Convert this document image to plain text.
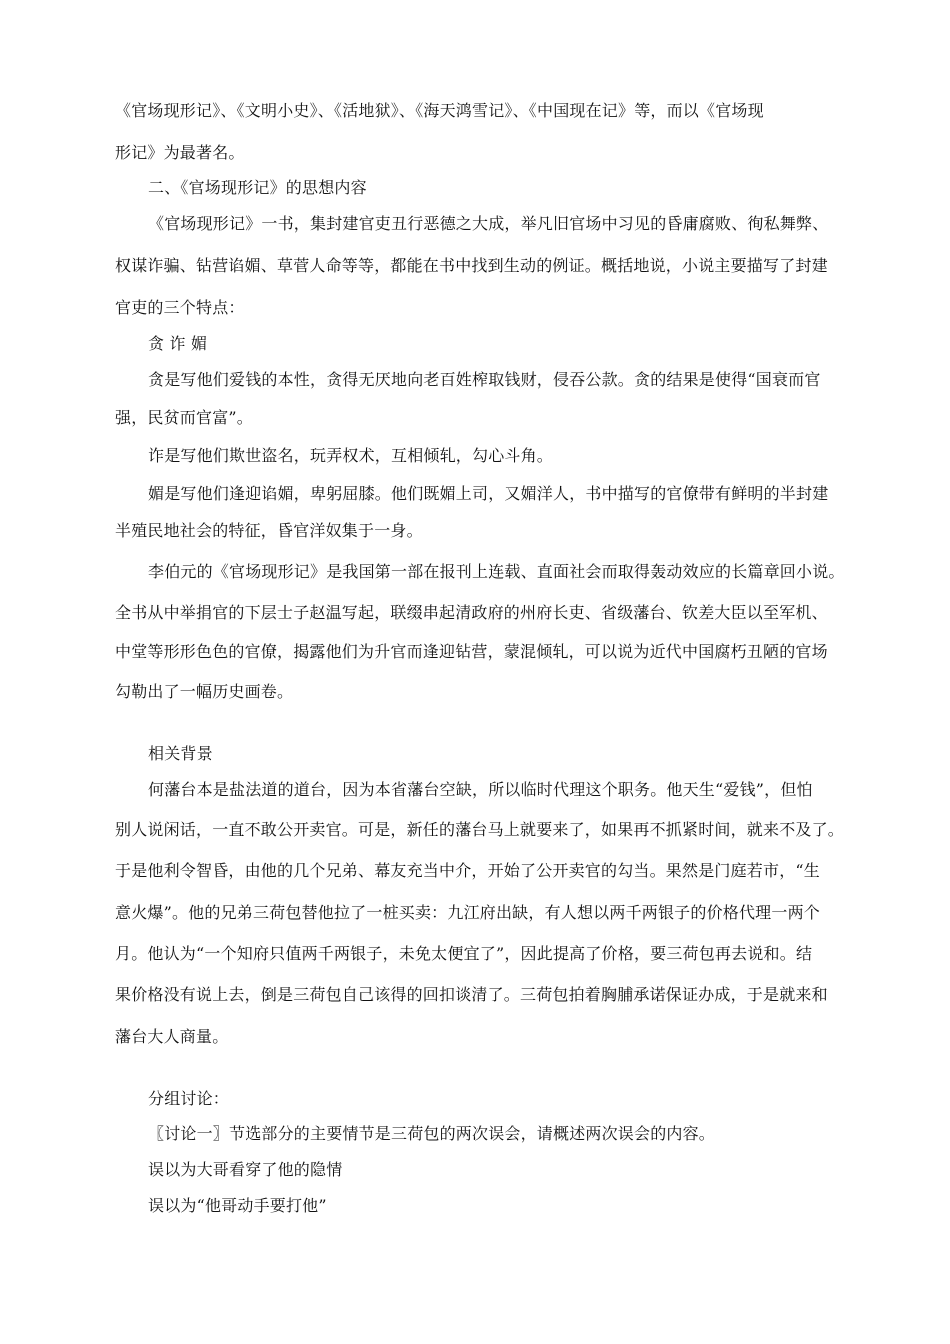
《官场现形记》、《文明小史》、《活地狱》、《海天鸿雪记》、《中国现在记》等，而以《官场现
形记》为最著名。
二、《官场现形记》的思想内容
《官场现形记》一书，集封建官吏丑行恶德之大成，举凡旧官场中习见的昏庸腐败、徇私舞弊、
权谋诈骗、钻营谄媚、草菅人命等等，都能在书中找到生动的例证。概括地说，小说主要描写了封建
官吏的三个特点：
贪 诈 媚
贪是写他们爱钱的本性，贪得无厌地向老百姓榨取钱财，侵吞公款。贪的结果是使得“国衰而官
强，民贫而官富”。
诈是写他们欺世盗名，玩弄权术，互相倾轧，勾心斗角。
媚是写他们逢迎谄媚，卑躬屈膝。他们既媚上司，又媚洋人，书中描写的官僚带有鲜明的半封建
半殖民地社会的特征，昏官洋奴集于一身。
李伯元的《官场现形记》是我国第一部在报刊上连载、直面社会而取得轰动效应的长篇章回小说。
全书从中举捐官的下层士子赵温写起，联缀串起清政府的州府长吏、省级藩台、钦差大臣以至军机、
中堂等形形色色的官僚，揭露他们为升官而逢迎钻营，蒙混倾轧，可以说为近代中国腐朽丑陋的官场
勾勒出了一幅历史画卷。
相关背景
何藩台本是盐法道的道台，因为本省藩台空缺，所以临时代理这个职务。他天生“爱钱”，但怕
别人说闲话，一直不敢公开卖官。可是，新任的藩台马上就要来了，如果再不抓紧时间，就来不及了。
于是他利令智昏，由他的几个兄弟、幕友充当中介，开始了公开卖官的勾当。果然是门庭若市，“生
意火爆”。他的兄弟三荷包替他拉了一桩买卖：九江府出缺，有人想以两千两银子的价格代理一两个
月。他认为“一个知府只值两千两银子，未免太便宜了”，因此提高了价格，要三荷包再去说和。结
果价格没有说上去，倒是三荷包自己该得的回扣谈清了。三荷包拍着胸脯承诺保证办成，于是就来和
藩台大人商量。
分组讨论：
〖讨论一〗节选部分的主要情节是三荷包的两次误会，请概述两次误会的内容。
误以为大哥看穿了他的隐情
误以为“他哥动手要打他”
